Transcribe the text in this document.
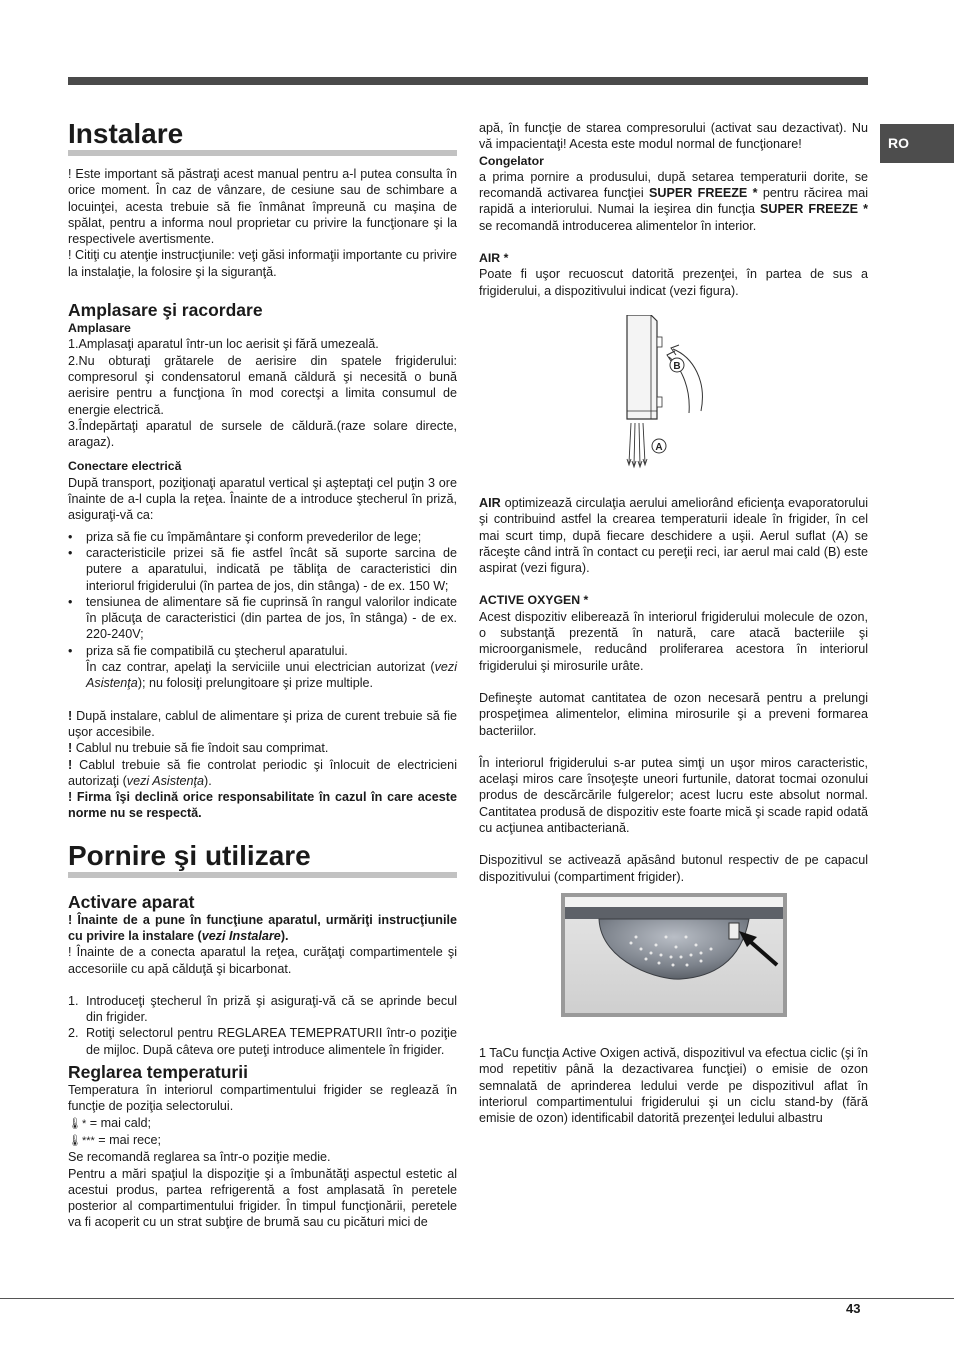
RO
Instalare

! Este important să păstraţi acest manual pentru a-l putea consulta în orice moment. În caz de vânzare, de cesiune sau de schimbare a locuinţei, acesta trebuie să fie înmânat împreună cu maşina de spălat, pentru a informa noul proprietar cu privire la funcţionare şi la respectivele avertismente.

! Citiţi cu atenţie instrucţiunile: veţi găsi informaţii importante cu privire la instalaţie, la folosire şi la siguranţă.

Amplasare şi racordare
Amplasare

1.Amplasaţi aparatul într-un loc aerisit şi fără umezeală.

2.Nu obturaţi grătarele de aerisire din spatele frigiderului: compresorul şi condensatorul emană căldură şi necesită o bună aerisire pentru a funcţiona în mod corectşi a limita consumul de energie electrică.

3.Îndepărtaţi aparatul de sursele de căldură.(raze solare directe, aragaz).

Conectare electrică

După transport, poziţionaţi aparatul vertical şi aşteptaţi cel puţin 3 ore înainte de a-l cupla la reţea. Înainte de a introduce ştecherul în priză, asiguraţi-vă ca:

• priza să fie cu împământare şi conform prevederilor de lege;
• caracteristicile prizei să fie astfel încât să suporte sarcina de putere a aparatului, indicată pe tăbliţa de caracteristici din interiorul frigiderului (în partea de jos, din stânga) - de ex. 150 W;
• tensiunea de alimentare să fie cuprinsă în rangul valorilor indicate în plăcuţa de caracteristici (din partea de jos, în stânga) - de ex. 220-240V;
• priza să fie compatibilă cu ştecherul aparatului.
În caz contrar, apelaţi la serviciile unui electrician autorizat (vezi Asistenţa); nu folosiţi prelungitoare şi prize multiple.

! După instalare, cablul de alimentare şi priza de curent trebuie să fie uşor accesibile.

! Cablul nu trebuie să fie îndoit sau comprimat.

! Cablul trebuie să fie controlat periodic şi înlocuit de electricieni autorizaţi (vezi Asistenţa).

! Firma îşi declină orice responsabilitate în cazul în care aceste norme nu se respectă.

Pornire şi utilizare
Activare aparat

! Înainte de a pune în funcţiune aparatul, urmăriţi instrucţiunile cu privire la instalare (vezi Instalare).

! Înainte de a conecta aparatul la reţea, curăţaţi compartimentele şi accesoriile cu apă călduţă şi bicarbonat.

1. Introduceţi ştecherul în priză şi asiguraţi-vă că se aprinde becul din frigider.
2. Rotiţi selectorul pentru REGLAREA TEMEPRATURII într-o poziţie de mijloc. După câteva ore puteţi introduce alimentele în frigider.
Reglarea temperaturii

Temperatura în interiorul compartimentului frigider se reglează în funcţie de poziţia selectorului.

🌡* = mai cald;

🌡*** = mai rece;

Se recomandă reglarea sa într-o poziţie medie.

Pentru a mări spaţiul la dispoziţie şi a îmbunătăţi aspectul estetic al acestui produs, partea refrigerentă a fost amplasată în peretele posterior al compartimentului frigider. În timpul funcţionării, peretele va fi acoperit cu un strat subţire de brumă sau cu picături mici de

apă, în funcţie de starea compresorului (activat sau dezactivat). Nu vă impacientaţi! Acesta este modul normal de funcţionare!

Congelator

a prima pornire a produsului, după setarea temperaturii dorite, se recomandă activarea funcţiei SUPER FREEZE * pentru răcirea mai rapidă a interiorului. Numai la ieşirea din funcţia SUPER FREEZE * se recomandă introducerea alimentelor în interior.

AIR *

Poate fi uşor recuoscut datorită prezenţei, în partea de sus a frigiderului, a dispozitivului indicat (vezi figura).

B
A

AIR optimizează circulaţia aerului ameliorând eficienţa evaporatorului şi contribuind astfel la crearea temperaturii ideale în frigider, în cel mai scurt timp, după fiecare deschidere a uşii. Aerul suflat (A) se răceşte când intră în contact cu pereţii reci, iar aerul mai cald (B) este aspirat (vezi figura).

ACTIVE OXYGEN *

Acest dispozitiv eliberează în interiorul frigiderului molecule de ozon, o substanţă prezentă în natură, care atacă bacteriile şi microorganismele, reducând proliferarea acestora în interiorul frigiderului şi mirosurile urâte.

Defineşte automat cantitatea de ozon necesară pentru a prelungi prospeţimea alimentelor, elimina mirosurile şi a preveni formarea bacteriilor.

În interiorul frigiderului s-ar putea simţi un uşor miros caracteristic, acelaşi miros care însoţeşte uneori furtunile, datorat tocmai ozonului produs de descărcările fulgerelor; acest lucru este absolut normal. Cantitatea produsă de dispozitiv este foarte mică şi scade rapid odată cu acţiunea antibacteriană.

Dispozitivul se activează apăsând butonul respectiv de pe capacul dispozitivului (compartiment frigider).

1 TaCu funcţia Active Oxigen activă, dispozitivul va efectua ciclic (şi în mod repetitiv până la dezactivarea funcţiei) o emisie de ozon semnalată de aprinderea ledului verde pe dispozitivul aflat în interiorul compartimentului frigiderului şi un ciclu stand-by (fără emisie de ozon) identificabil datorită prezenţei ledului albastru

43
